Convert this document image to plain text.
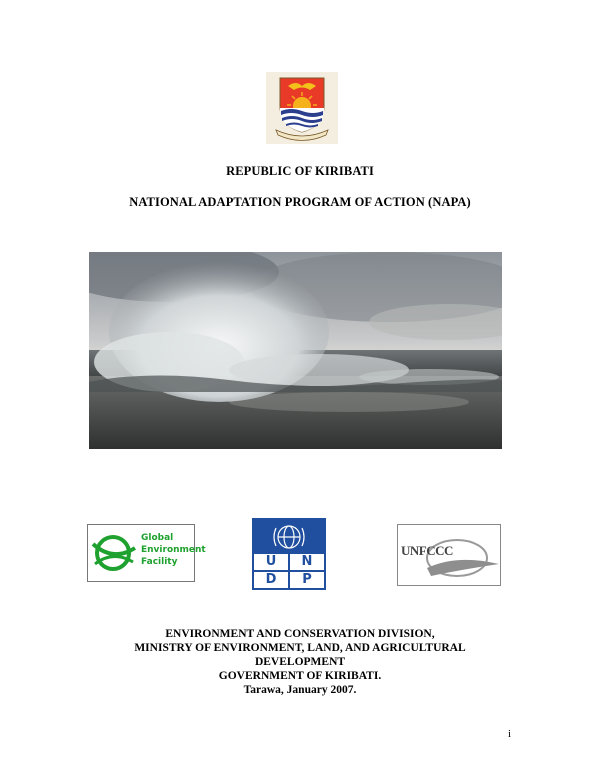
REPUBLIC OF KIRIBATI
NATIONAL ADAPTATION PROGRAM OF ACTION (NAPA)
Global
Environment
Facility	U	N
D	P
UNFCCC
ENVIRONMENT AND CONSERVATION DIVISION,
MINISTRY OF ENVIRONMENT, LAND, AND AGRICULTURAL
DEVELOPMENT
GOVERNMENT OF KIRIBATI.
Tarawa, January 2007.
i
